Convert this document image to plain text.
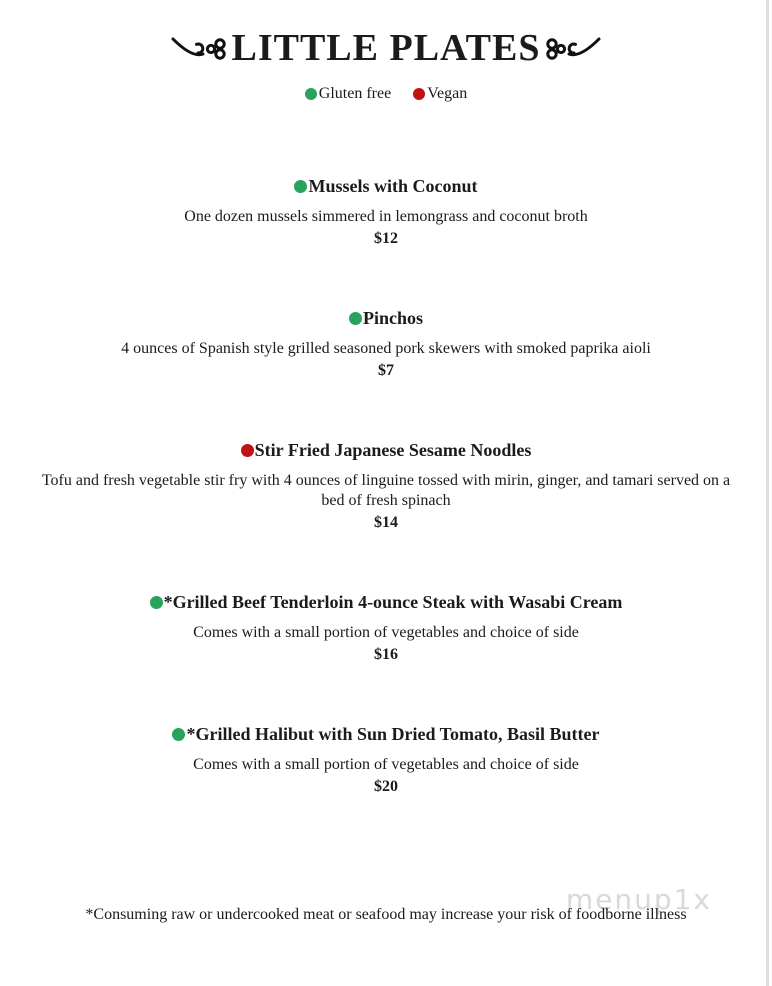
LITTLE PLATES
Gluten free
Vegan
Mussels with Coconut
One dozen mussels simmered in lemongrass and coconut broth
$12
Pinchos
4 ounces of Spanish style grilled seasoned pork skewers with smoked paprika aioli
$7
Stir Fried Japanese Sesame Noodles
Tofu and fresh vegetable stir fry with 4 ounces of linguine tossed with mirin, ginger, and tamari served on a bed of fresh spinach
$14
*Grilled Beef Tenderloin 4-ounce Steak with Wasabi Cream
Comes with a small portion of vegetables and choice of side
$16
*Grilled Halibut with Sun Dried Tomato, Basil Butter
Comes with a small portion of vegetables and choice of side
$20
menup1x
*Consuming raw or undercooked meat or seafood may increase your risk of foodborne illness
